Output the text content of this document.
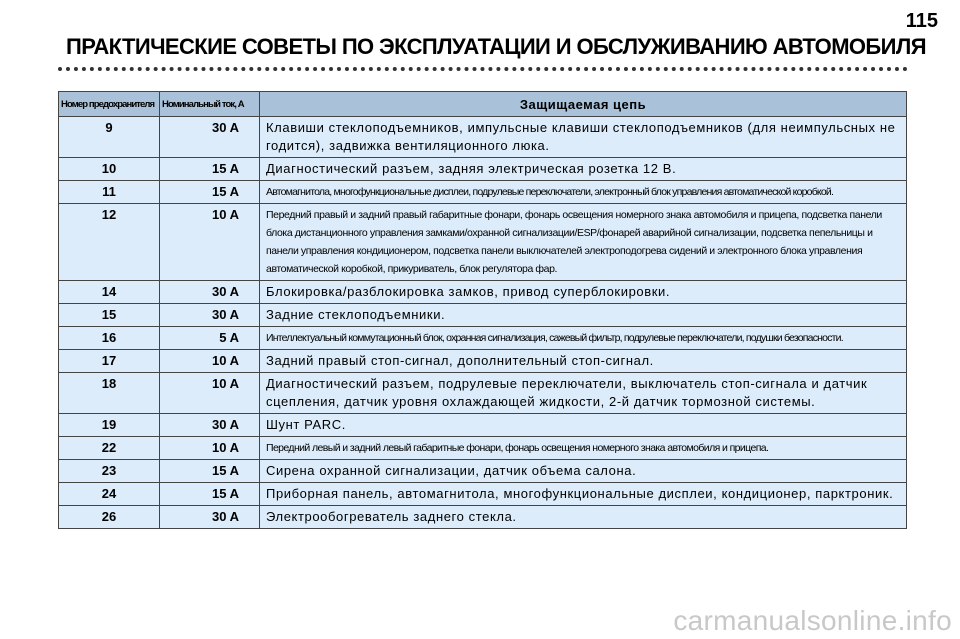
115
ПРАКТИЧЕСКИЕ СОВЕТЫ ПО ЭКСПЛУАТАЦИИ И ОБСЛУЖИВАНИЮ АВТОМОБИЛЯ
Номер предохранителя	Номинальный ток, А	Защищаемая цепь
9	30 A	Клавиши стеклоподъемников, импульсные клавиши стеклоподъемников (для неимпульсных не годится), задвижка вентиляционного люка.
10	15 A	Диагностический разъем, задняя электрическая розетка 12 В.
11	15 A	Автомагнитола, многофункциональные дисплеи, подрулевые переключатели, электронный блок управления автоматической коробкой.
12	10 A	Передний правый и задний правый габаритные фонари, фонарь освещения номерного знака автомобиля и прицепа, подсветка панели блока дистанционного управления замками/охранной сигнализации/ESP/фонарей аварийной сигнализации, подсветка пепельницы и панели управления кондиционером, подсветка панели выключателей электроподогрева сидений и электронного блока управления автоматической коробкой, прикуриватель, блок регулятора фар.
14	30 A	Блокировка/разблокировка замков, привод суперблокировки.
15	30 A	Задние стеклоподъемники.
16	5 A	Интеллектуальный коммутационный блок, охранная сигнализация, сажевый фильтр, подрулевые переключатели, подушки безопасности.
17	10 A	Задний правый стоп-сигнал, дополнительный стоп-сигнал.
18	10 A	Диагностический разъем, подрулевые переключатели, выключатель стоп-сигнала и датчик сцепления, датчик уровня охлаждающей жидкости, 2-й датчик тормозной системы.
19	30 A	Шунт PARC.
22	10 A	Передний левый и задний левый габаритные фонари, фонарь освещения номерного знака автомобиля и прицепа.
23	15 A	Сирена охранной сигнализации, датчик объема салона.
24	15 A	Приборная панель, автомагнитола, многофункциональные дисплеи, кондиционер, парктроник.
26	30 A	Электрообогреватель заднего стекла.
carmanualsonline.info
